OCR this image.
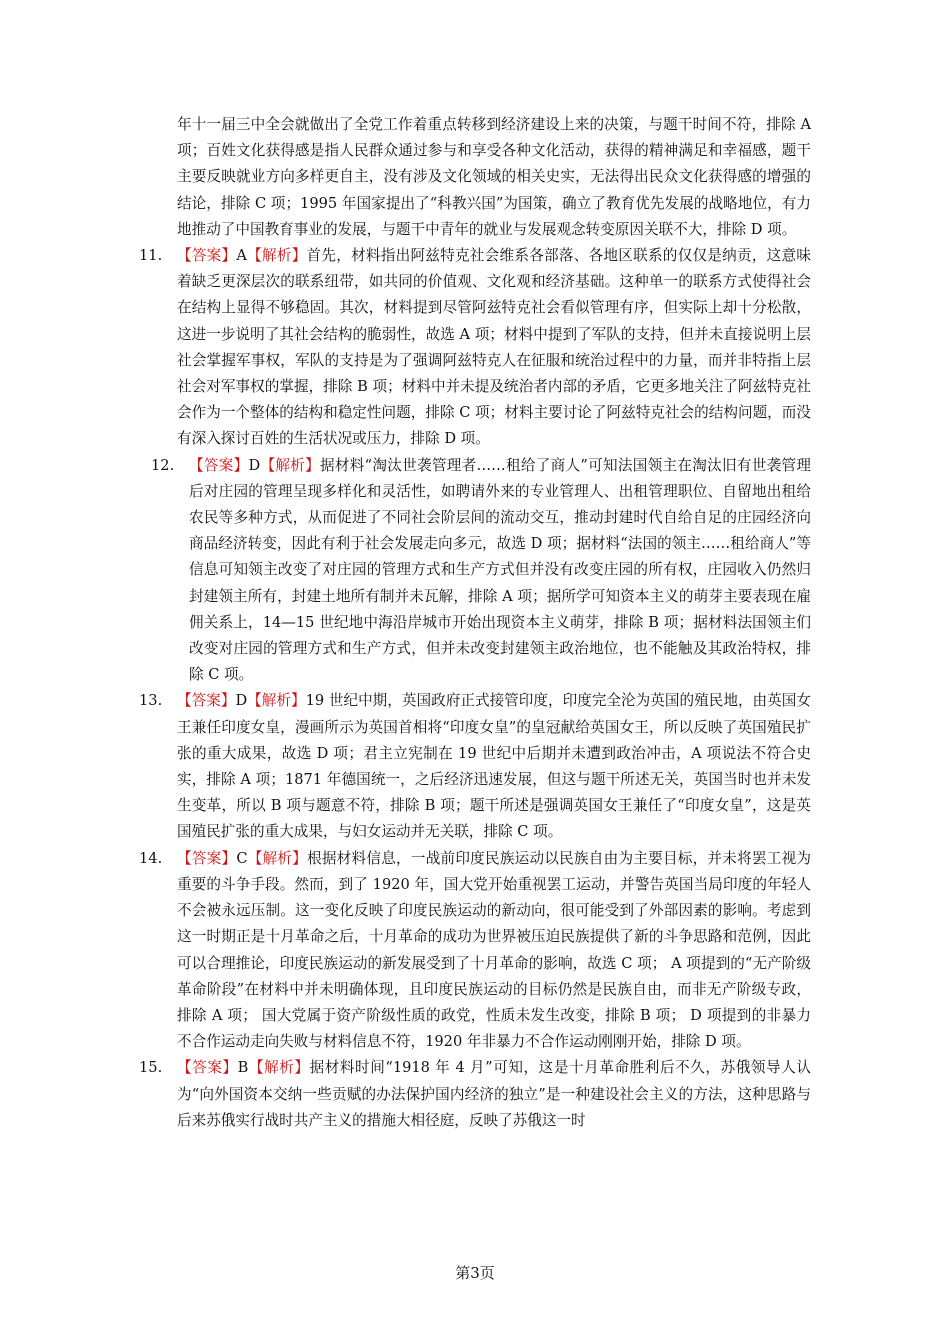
年十一届三中全会就做出了全党工作着重点转移到经济建设上来的决策，与题干时间不符，排除 A 项；百姓文化获得感是指人民群众通过参与和享受各种文化活动，获得的精神满足和幸福感，题干主要反映就业方向多样更自主，没有涉及文化领域的相关史实，无法得出民众文化获得感的增强的结论，排除 C 项；1995 年国家提出了“科教兴国”为国策，确立了教育优先发展的战略地位，有力地推动了中国教育事业的发展，与题干中青年的就业与发展观念转变原因关联不大，排除 D 项。

11.	【答案】A【解析】首先，材料指出阿兹特克社会维系各部落、各地区联系的仅仅是纳贡，这意味着缺乏更深层次的联系纽带，如共同的价值观、文化观和经济基础。这种单一的联系方式使得社会在结构上显得不够稳固。其次，材料提到尽管阿兹特克社会看似管理有序，但实际上却十分松散，这进一步说明了其社会结构的脆弱性，故选 A 项；材料中提到了军队的支持，但并未直接说明上层社会掌握军事权，军队的支持是为了强调阿兹特克人在征服和统治过程中的力量，而并非特指上层社会对军事权的掌握，排除 B 项；材料中并未提及统治者内部的矛盾，它更多地关注了阿兹特克社会作为一个整体的结构和稳定性问题，排除 C 项；材料主要讨论了阿兹特克社会的结构问题，而没有深入探讨百姓的生活状况或压力，排除 D 项。

12.	【答案】D【解析】据材料“淘汰世袭管理者……租给了商人”可知法国领主在淘汰旧有世袭管理后对庄园的管理呈现多样化和灵活性，如聘请外来的专业管理人、出租管理职位、自留地出租给农民等多种方式，从而促进了不同社会阶层间的流动交互，推动封建时代自给自足的庄园经济向商品经济转变，因此有利于社会发展走向多元，故选 D 项；据材料“法国的领主……租给商人”等信息可知领主改变了对庄园的管理方式和生产方式但并没有改变庄园的所有权，庄园收入仍然归封建领主所有，封建土地所有制并未瓦解，排除 A 项；据所学可知资本主义的萌芽主要表现在雇佣关系上，14—15 世纪地中海沿岸城市开始出现资本主义萌芽，排除 B 项；据材料法国领主们改变对庄园的管理方式和生产方式，但并未改变封建领主政治地位，也不能触及其政治特权，排除 C 项。

13.	【答案】D【解析】19 世纪中期，英国政府正式接管印度，印度完全沦为英国的殖民地，由英国女王兼任印度女皇，漫画所示为英国首相将“印度女皇”的皇冠献给英国女王，所以反映了英国殖民扩张的重大成果，故选 D 项；君主立宪制在 19 世纪中后期并未遭到政治冲击，A 项说法不符合史实，排除 A 项；1871 年德国统一，之后经济迅速发展，但这与题干所述无关，英国当时也并未发生变革，所以 B 项与题意不符，排除 B 项；题干所述是强调英国女王兼任了“印度女皇”，这是英国殖民扩张的重大成果，与妇女运动并无关联，排除 C 项。

14.	【答案】C【解析】根据材料信息，一战前印度民族运动以民族自由为主要目标，并未将罢工视为重要的斗争手段。然而，到了 1920 年，国大党开始重视罢工运动，并警告英国当局印度的年轻人不会被永远压制。这一变化反映了印度民族运动的新动向，很可能受到了外部因素的影响。考虑到这一时期正是十月革命之后，十月革命的成功为世界被压迫民族提供了新的斗争思路和范例，因此可以合理推论，印度民族运动的新发展受到了十月革命的影响，故选 C 项； A 项提到的“无产阶级革命阶段”在材料中并未明确体现，且印度民族运动的目标仍然是民族自由，而非无产阶级专政，排除 A 项； 国大党属于资产阶级性质的政党，性质未发生改变，排除 B 项； D 项提到的非暴力不合作运动走向失败与材料信息不符，1920 年非暴力不合作运动刚刚开始，排除 D 项。

15.	【答案】B【解析】据材料时间“1918 年 4 月”可知，这是十月革命胜利后不久，苏俄领导人认为“向外国资本交纳一些贡赋的办法保护国内经济的独立”是一种建设社会主义的方法，这种思路与后来苏俄实行战时共产主义的措施大相径庭，反映了苏俄这一时

第3页
